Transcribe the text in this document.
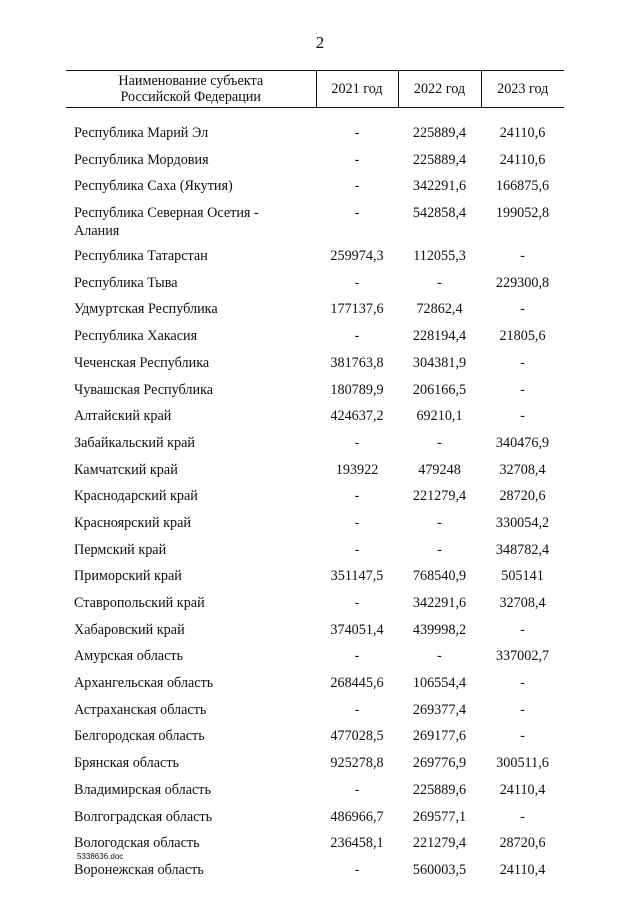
2
Наименование субъекта
Российской Федерации	2021 год	2022 год	2023 год

Республика Марий Эл	-	225889,4	24110,6
Республика Мордовия	-	225889,4	24110,6
Республика Саха (Якутия)	-	342291,6	166875,6
Республика Северная Осетия -
Алания	-	542858,4	199052,8
Республика Татарстан	259974,3	112055,3	-
Республика Тыва	-	-	229300,8
Удмуртская Республика	177137,6	72862,4	-
Республика Хакасия	-	228194,4	21805,6
Чеченская Республика	381763,8	304381,9	-
Чувашская Республика	180789,9	206166,5	-
Алтайский край	424637,2	69210,1	-
Забайкальский край	-	-	340476,9
Камчатский край	193922	479248	32708,4
Краснодарский край	-	221279,4	28720,6
Красноярский край	-	-	330054,2
Пермский край	-	-	348782,4
Приморский край	351147,5	768540,9	505141
Ставропольский край	-	342291,6	32708,4
Хабаровский край	374051,4	439998,2	-
Амурская область	-	-	337002,7
Архангельская область	268445,6	106554,4	-
Астраханская область	-	269377,4	-
Белгородская область	477028,5	269177,6	-
Брянская область	925278,8	269776,9	300511,6
Владимирская область	-	225889,6	24110,4
Волгоградская область	486966,7	269577,1	-
Вологодская область	236458,1	221279,4	28720,6
Воронежская область	-	560003,5	24110,4
5338636.doc
